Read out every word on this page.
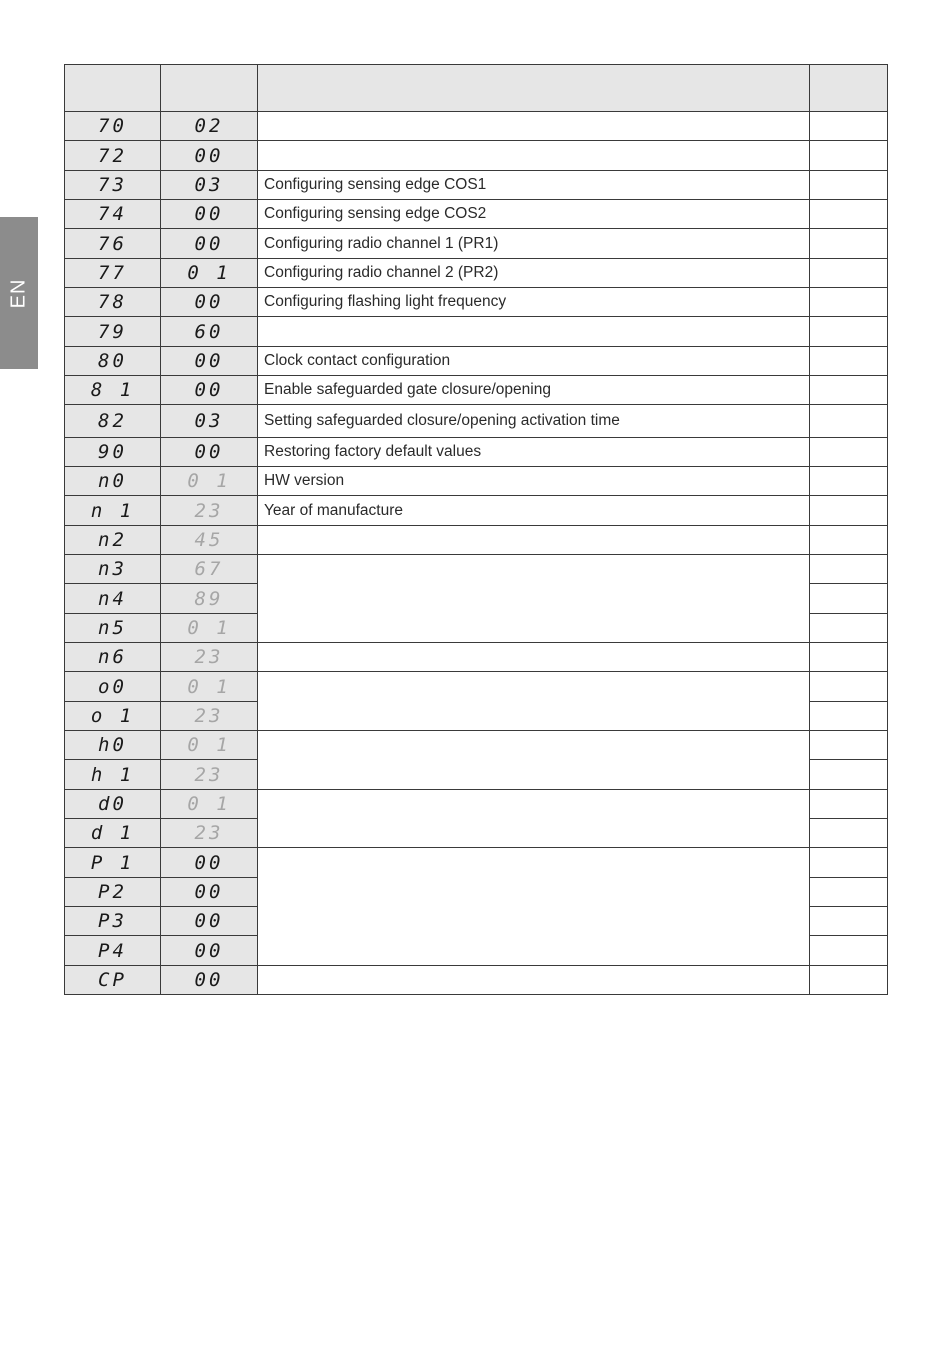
EN

70	02		
72	00		
73	03	Configuring sensing edge COS1	
74	00	Configuring sensing edge COS2	
76	00	Configuring radio channel 1 (PR1)	
77	0 1	Configuring radio channel 2 (PR2)	
78	00	Configuring flashing light frequency	
79	60		
80	00	Clock contact configuration	
8 1	00	Enable safeguarded gate closure/opening	
82	03	Setting safeguarded closure/opening activation time	
90	00	Restoring factory default values	
n0	0 1	HW version	
n 1	23	Year of manufacture	
n2	45		
n3	67		
n4	89		
n5	0 1		
n6	23		
o0	0 1		
o 1	23		
h0	0 1		
h 1	23		
d0	0 1		
d 1	23		
P 1	00		
P2	00		
P3	00		
P4	00		
CP	00		
